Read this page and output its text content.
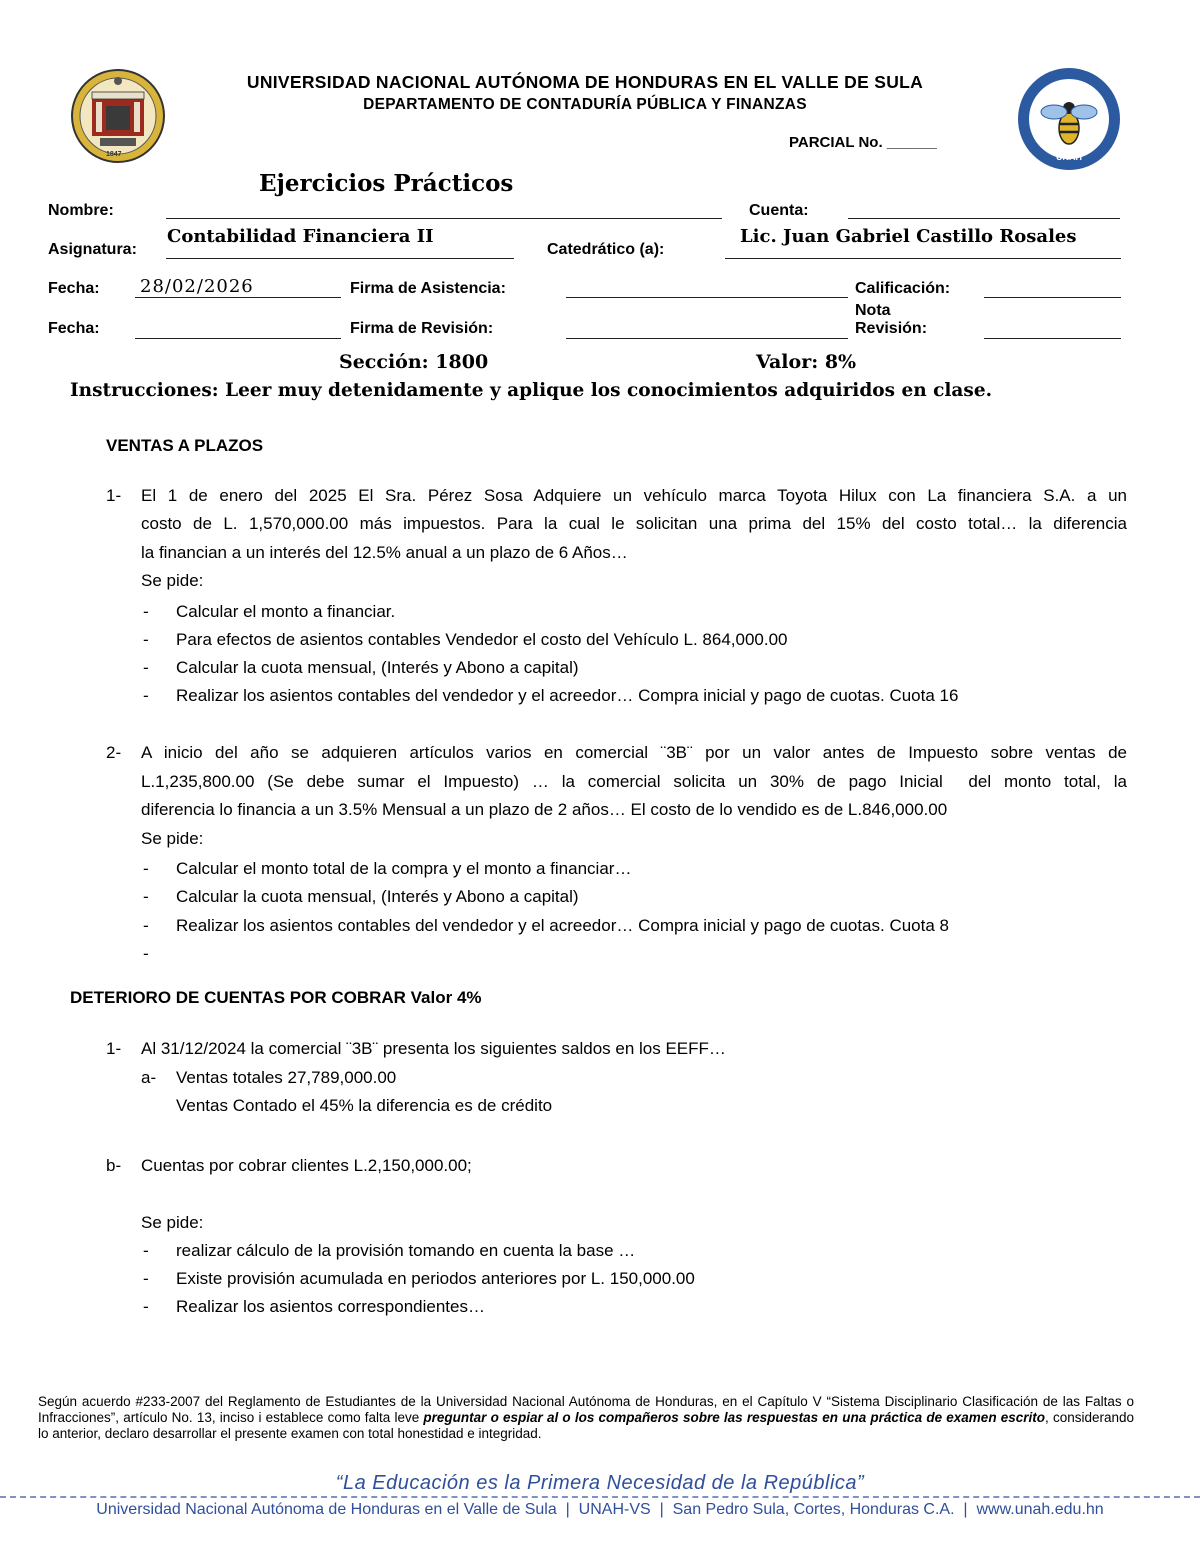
1847	UNAH
UNIVERSIDAD NACIONAL AUTÓNOMA DE HONDURAS EN EL VALLE DE SULA
DEPARTAMENTO DE CONTADURÍA PÚBLICA Y FINANZAS
PARCIAL No. ______
Ejercicios Prácticos
Nombre:	Cuenta:
Asignatura:
Contabilidad Financiera II
Catedrático (a):
Lic. Juan Gabriel Castillo Rosales
Fecha: 28/02/2026	Firma de Asistencia:	Calificación:
Fecha:	Firma de Revisión:
Nota
Revisión:
Sección: 1800	Valor: 8%
Instrucciones: Leer muy detenidamente y aplique los conocimientos adquiridos en clase.
VENTAS A PLAZOS
1- El 1 de enero del 2025 El Sra. Pérez Sosa Adquiere un vehículo marca Toyota Hilux con La financiera S.A. a un
costo de L. 1,570,000.00 más impuestos. Para la cual le solicitan una prima del 15% del costo total… la diferencia
la financian a un interés del 12.5% anual a un plazo de 6 Años…
Se pide:
- Calcular el monto a financiar.
- Para efectos de asientos contables Vendedor el costo del Vehículo L. 864,000.00
- Calcular la cuota mensual, (Interés y Abono a capital)
- Realizar los asientos contables del vendedor y el acreedor… Compra inicial y pago de cuotas. Cuota 16
2- A inicio del año se adquieren artículos varios en comercial ¨3B¨ por un valor antes de Impuesto sobre ventas de
L.1,235,800.00 (Se debe sumar el Impuesto) … la comercial solicita un 30% de pago Inicial  del monto total, la
diferencia lo financia a un 3.5% Mensual a un plazo de 2 años… El costo de lo vendido es de L.846,000.00
Se pide:
- Calcular el monto total de la compra y el monto a financiar…
- Calcular la cuota mensual, (Interés y Abono a capital)
- Realizar los asientos contables del vendedor y el acreedor… Compra inicial y pago de cuotas. Cuota 8
-
DETERIORO DE CUENTAS POR COBRAR Valor 4%
1- Al 31/12/2024 la comercial ¨3B¨ presenta los siguientes saldos en los EEFF…
a- Ventas totales 27,789,000.00
Ventas Contado el 45% la diferencia es de crédito
b- Cuentas por cobrar clientes L.2,150,000.00;
Se pide:
- realizar cálculo de la provisión tomando en cuenta la base …
- Existe provisión acumulada en periodos anteriores por L. 150,000.00
- Realizar los asientos correspondientes…
Según acuerdo #233-2007 del Reglamento de Estudiantes de la Universidad Nacional Autónoma de Honduras, en el Capítulo V “Sistema Disciplinario Clasificación de las Faltas o Infracciones”, artículo No. 13, inciso i establece como falta leve preguntar o espiar al o los compañeros sobre las respuestas en una práctica de examen escrito, considerando lo anterior, declaro desarrollar el presente examen con total honestidad e integridad.
“La Educación es la Primera Necesidad de la República”
Universidad Nacional Autónoma de Honduras en el Valle de Sula  |  UNAH-VS  |  San Pedro Sula, Cortes, Honduras C.A.  |  www.unah.edu.hn
